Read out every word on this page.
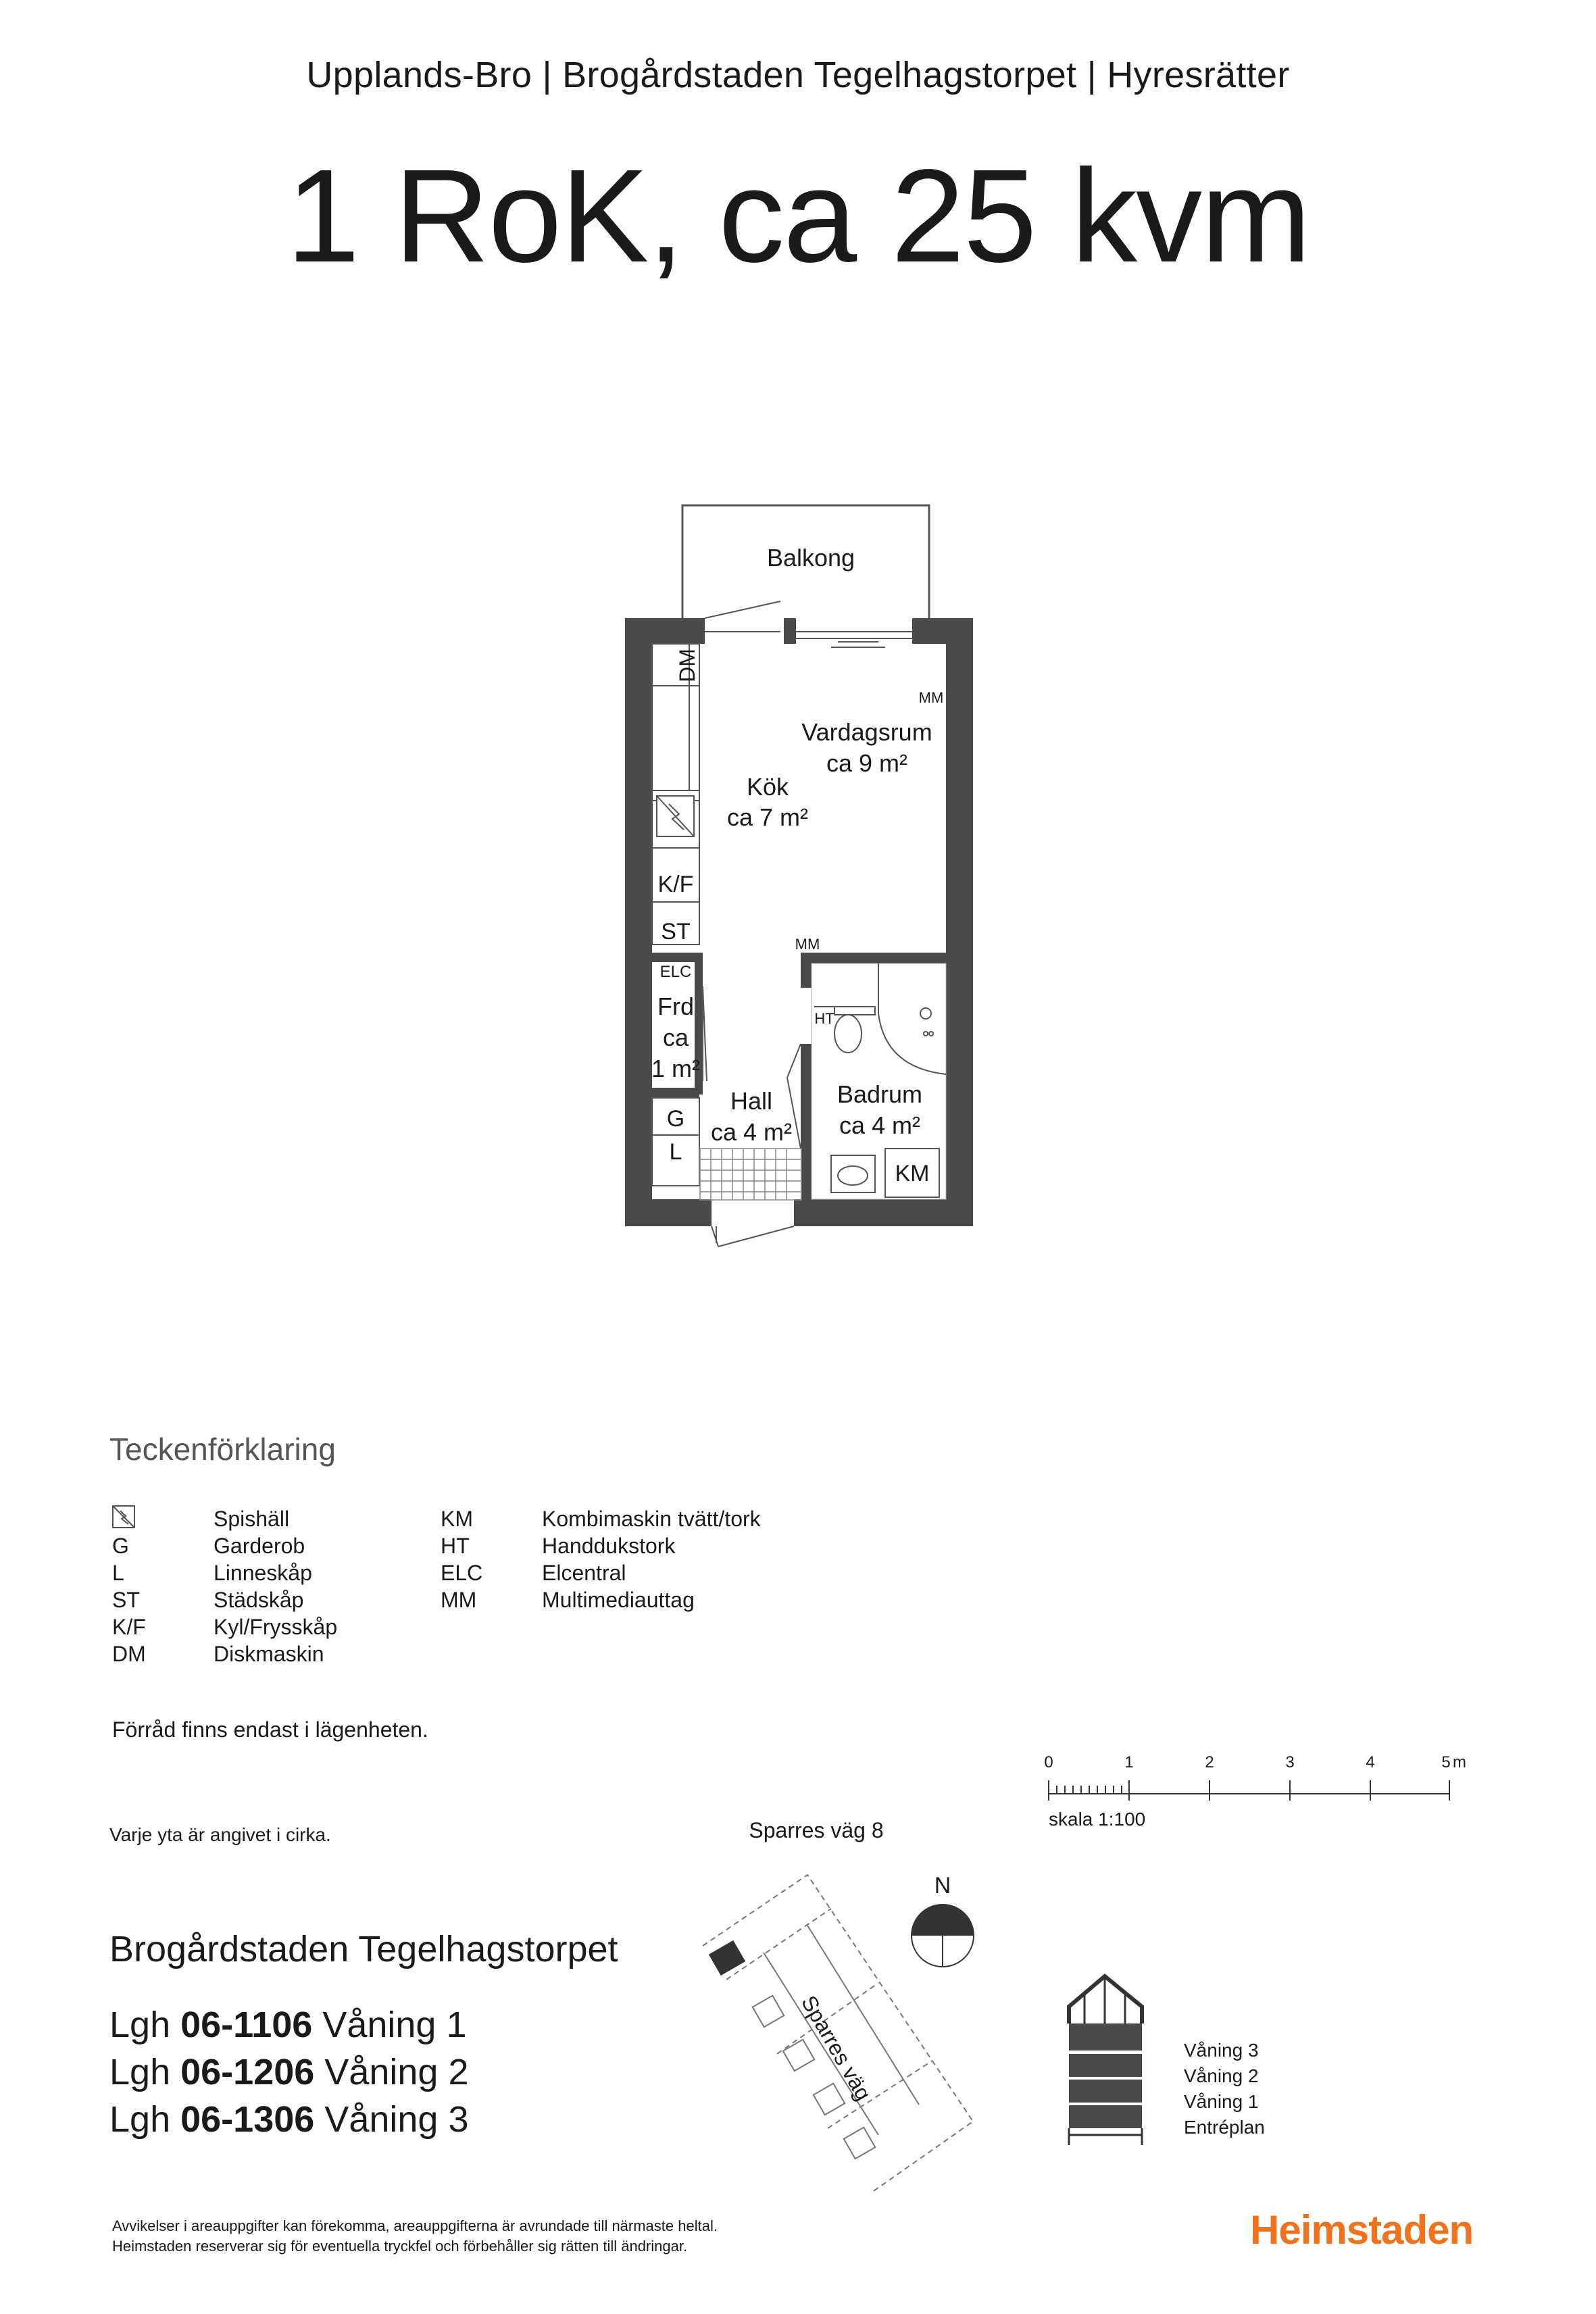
Upplands-Bro | Brogårdstaden Tegelhagstorpet | Hyresrätter
1 RoK, ca 25 kvm
Balkong
Vardagsrum
ca 9 m²
Kök
ca 7 m²
Frd
ca
1 m²
Hall
ca 4 m²
Badrum
ca 4 m²
DM
K/F
ST
ELC
G
L
HT
KM
MM
MM
0	1	2	3	4	5 m
skala 1:100
Sparres väg 8
Sparres väg
N
Våning 3
Våning 2
Våning 1
Entréplan
Teckenförklaring
Spishäll	KM	Kombimaskin tvätt/tork
G	Garderob	HT	Handdukstork
L	Linneskåp	ELC	Elcentral
ST	Städskåp	MM	Multimediauttag
K/F	Kyl/Frysskåp
DM	Diskmaskin
Förråd finns endast i lägenheten.
Varje yta är angivet i cirka.
Brogårdstaden Tegelhagstorpet
Lgh 06-1106 Våning 1
Lgh 06-1206 Våning 2
Lgh 06-1306 Våning 3
Avvikelser i areauppgifter kan förekomma, areauppgifterna är avrundade till närmaste heltal.
Heimstaden reserverar sig för eventuella tryckfel och förbehåller sig rätten till ändringar.	Heimstaden
